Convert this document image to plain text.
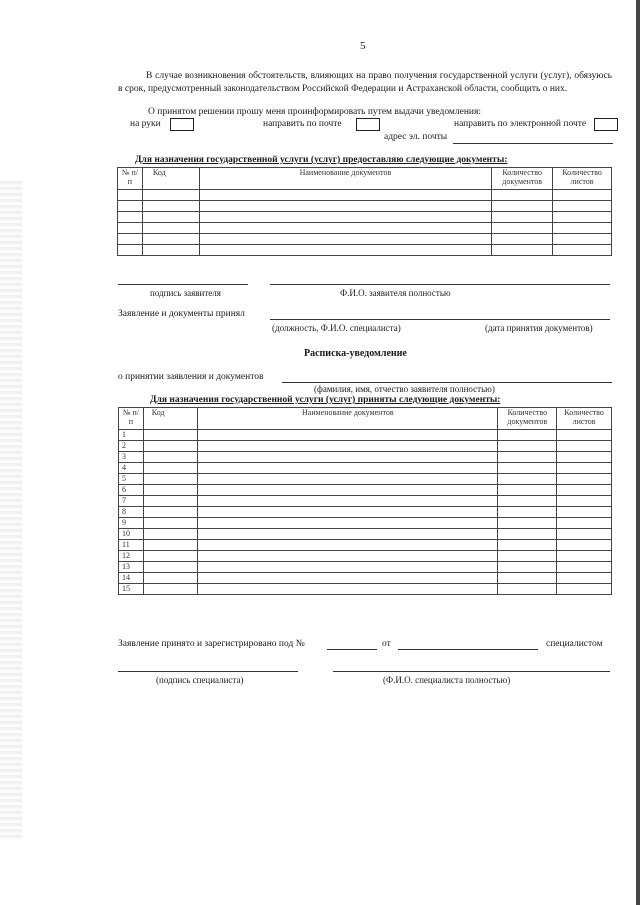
5
В случае возникновения обстоятельств, влияющих на право получения государственной услуги (услуг), обязуюсь в срок, предусмотренный законодательством Российской Федерации и Астраханской области, сообщить о них.
О принятом решении прошу меня проинформировать путем выдачи уведомления:
на руки	направить по почте	направить по электронной почте
адрес эл. почты
Для назначения государственной услуги (услуг) предоставляю следующие документы:
№ п/п	Код	Наименование документов	Количество документов	Количество листов

подпись заявителя	Ф.И.О. заявителя полностью
Заявление и документы принял
(должность, Ф.И.О. специалиста)	(дата принятия документов)
Расписка-уведомление
о принятии заявления и документов
(фамилия, имя, отчество заявителя полностью)
Для назначения государственной услуги (услуг) приняты следующие документы:
№ п/п	Код	Наименование документов	Количество документов	Количество листов
1				
2				
3				
4				
5				
6				
7				
8				
9				
10				
11				
12				
13				
14				
15				
Заявление принято и зарегистрировано под №	от	специалистом
(подпись специалиста)	(Ф.И.О. специалиста полностью)
